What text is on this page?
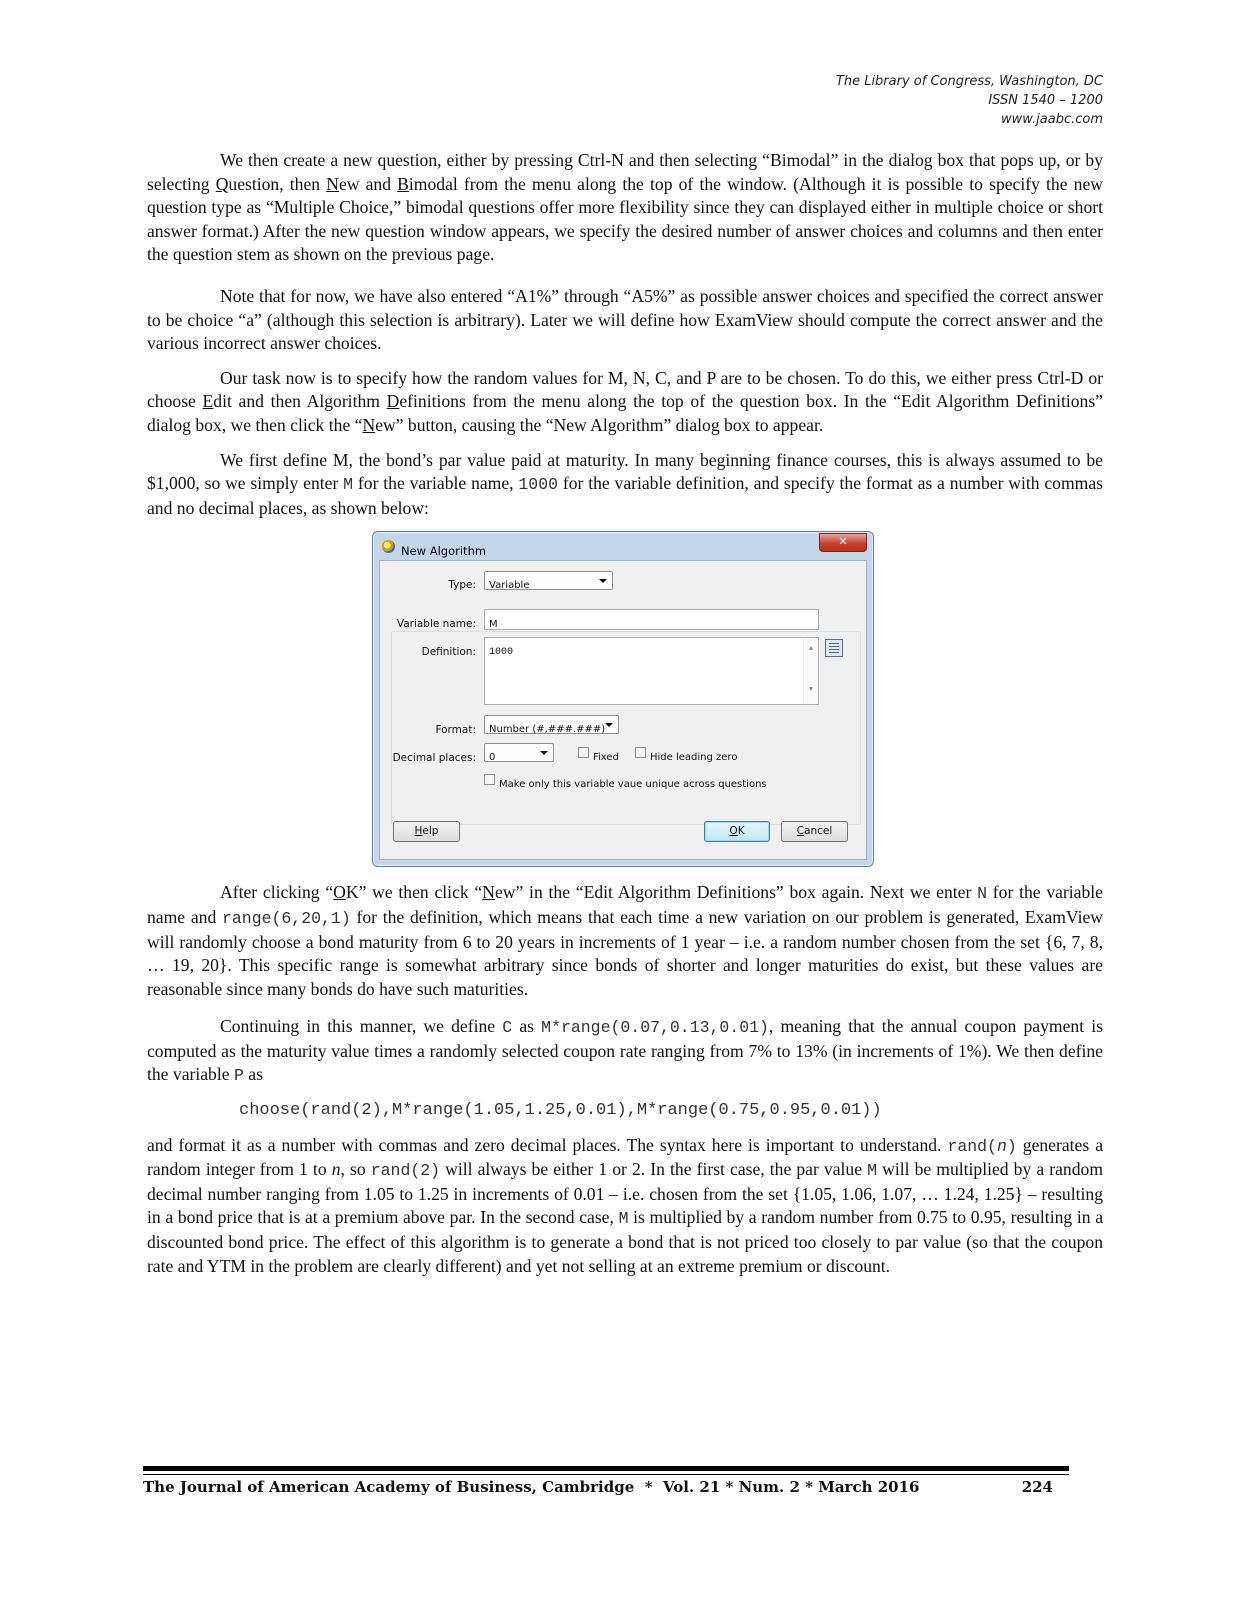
The Library of Congress, Washington, DC
ISSN 1540 – 1200
www.jaabc.com

We then create a new question, either by pressing Ctrl-N and then selecting “Bimodal” in the dialog box that pops up, or by selecting Question, then New and Bimodal from the menu along the top of the window. (Although it is possible to specify the new question type as “Multiple Choice,” bimodal questions offer more flexibility since they can displayed either in multiple choice or short answer format.) After the new question window appears, we specify the desired number of answer choices and columns and then enter the question stem as shown on the previous page.

Note that for now, we have also entered “A1%” through “A5%” as possible answer choices and specified the correct answer to be choice “a” (although this selection is arbitrary). Later we will define how ExamView should compute the correct answer and the various incorrect answer choices.

Our task now is to specify how the random values for M, N, C, and P are to be chosen. To do this, we either press Ctrl-D or choose Edit and then Algorithm Definitions from the menu along the top of the question box. In the “Edit Algorithm Definitions” dialog box, we then click the “New” button, causing the “New Algorithm” dialog box to appear.

We first define M, the bond’s par value paid at maturity. In many beginning finance courses, this is always assumed to be $1,000, so we simply enter M for the variable name, 1000 for the variable definition, and specify the format as a number with commas and no decimal places, as shown below:

New Algorithm
✕
Type:	Variable
Variable name:	M
Definition:	1000	▲
▼
Format:	Number (#,###.###)
Decimal places:	0	Fixed	Hide leading zero
Make only this variable vaue unique across questions
Help	OK	Cancel

After clicking “OK” we then click “New” in the “Edit Algorithm Definitions” box again. Next we enter N for the variable name and range(6,20,1) for the definition, which means that each time a new variation on our problem is generated, ExamView will randomly choose a bond maturity from 6 to 20 years in increments of 1 year – i.e. a random number chosen from the set {6, 7, 8, … 19, 20}. This specific range is somewhat arbitrary since bonds of shorter and longer maturities do exist, but these values are reasonable since many bonds do have such maturities.

Continuing in this manner, we define C as M*range(0.07,0.13,0.01), meaning that the annual coupon payment is computed as the maturity value times a randomly selected coupon rate ranging from 7% to 13% (in increments of 1%). We then define the variable P as

choose(rand(2),M*range(1.05,1.25,0.01),M*range(0.75,0.95,0.01))

and format it as a number with commas and zero decimal places. The syntax here is important to understand. rand(n) generates a random integer from 1 to n, so rand(2) will always be either 1 or 2. In the first case, the par value M will be multiplied by a random decimal number ranging from 1.05 to 1.25 in increments of 0.01 – i.e. chosen from the set {1.05, 1.06, 1.07, … 1.24, 1.25} – resulting in a bond price that is at a premium above par. In the second case, M is multiplied by a random number from 0.75 to 0.95, resulting in a discounted bond price. The effect of this algorithm is to generate a bond that is not priced too closely to par value (so that the coupon rate and YTM in the problem are clearly different) and yet not selling at an extreme premium or discount.

The Journal of American Academy of Business, Cambridge  *  Vol. 21 * Num. 2 * March 2016	224
